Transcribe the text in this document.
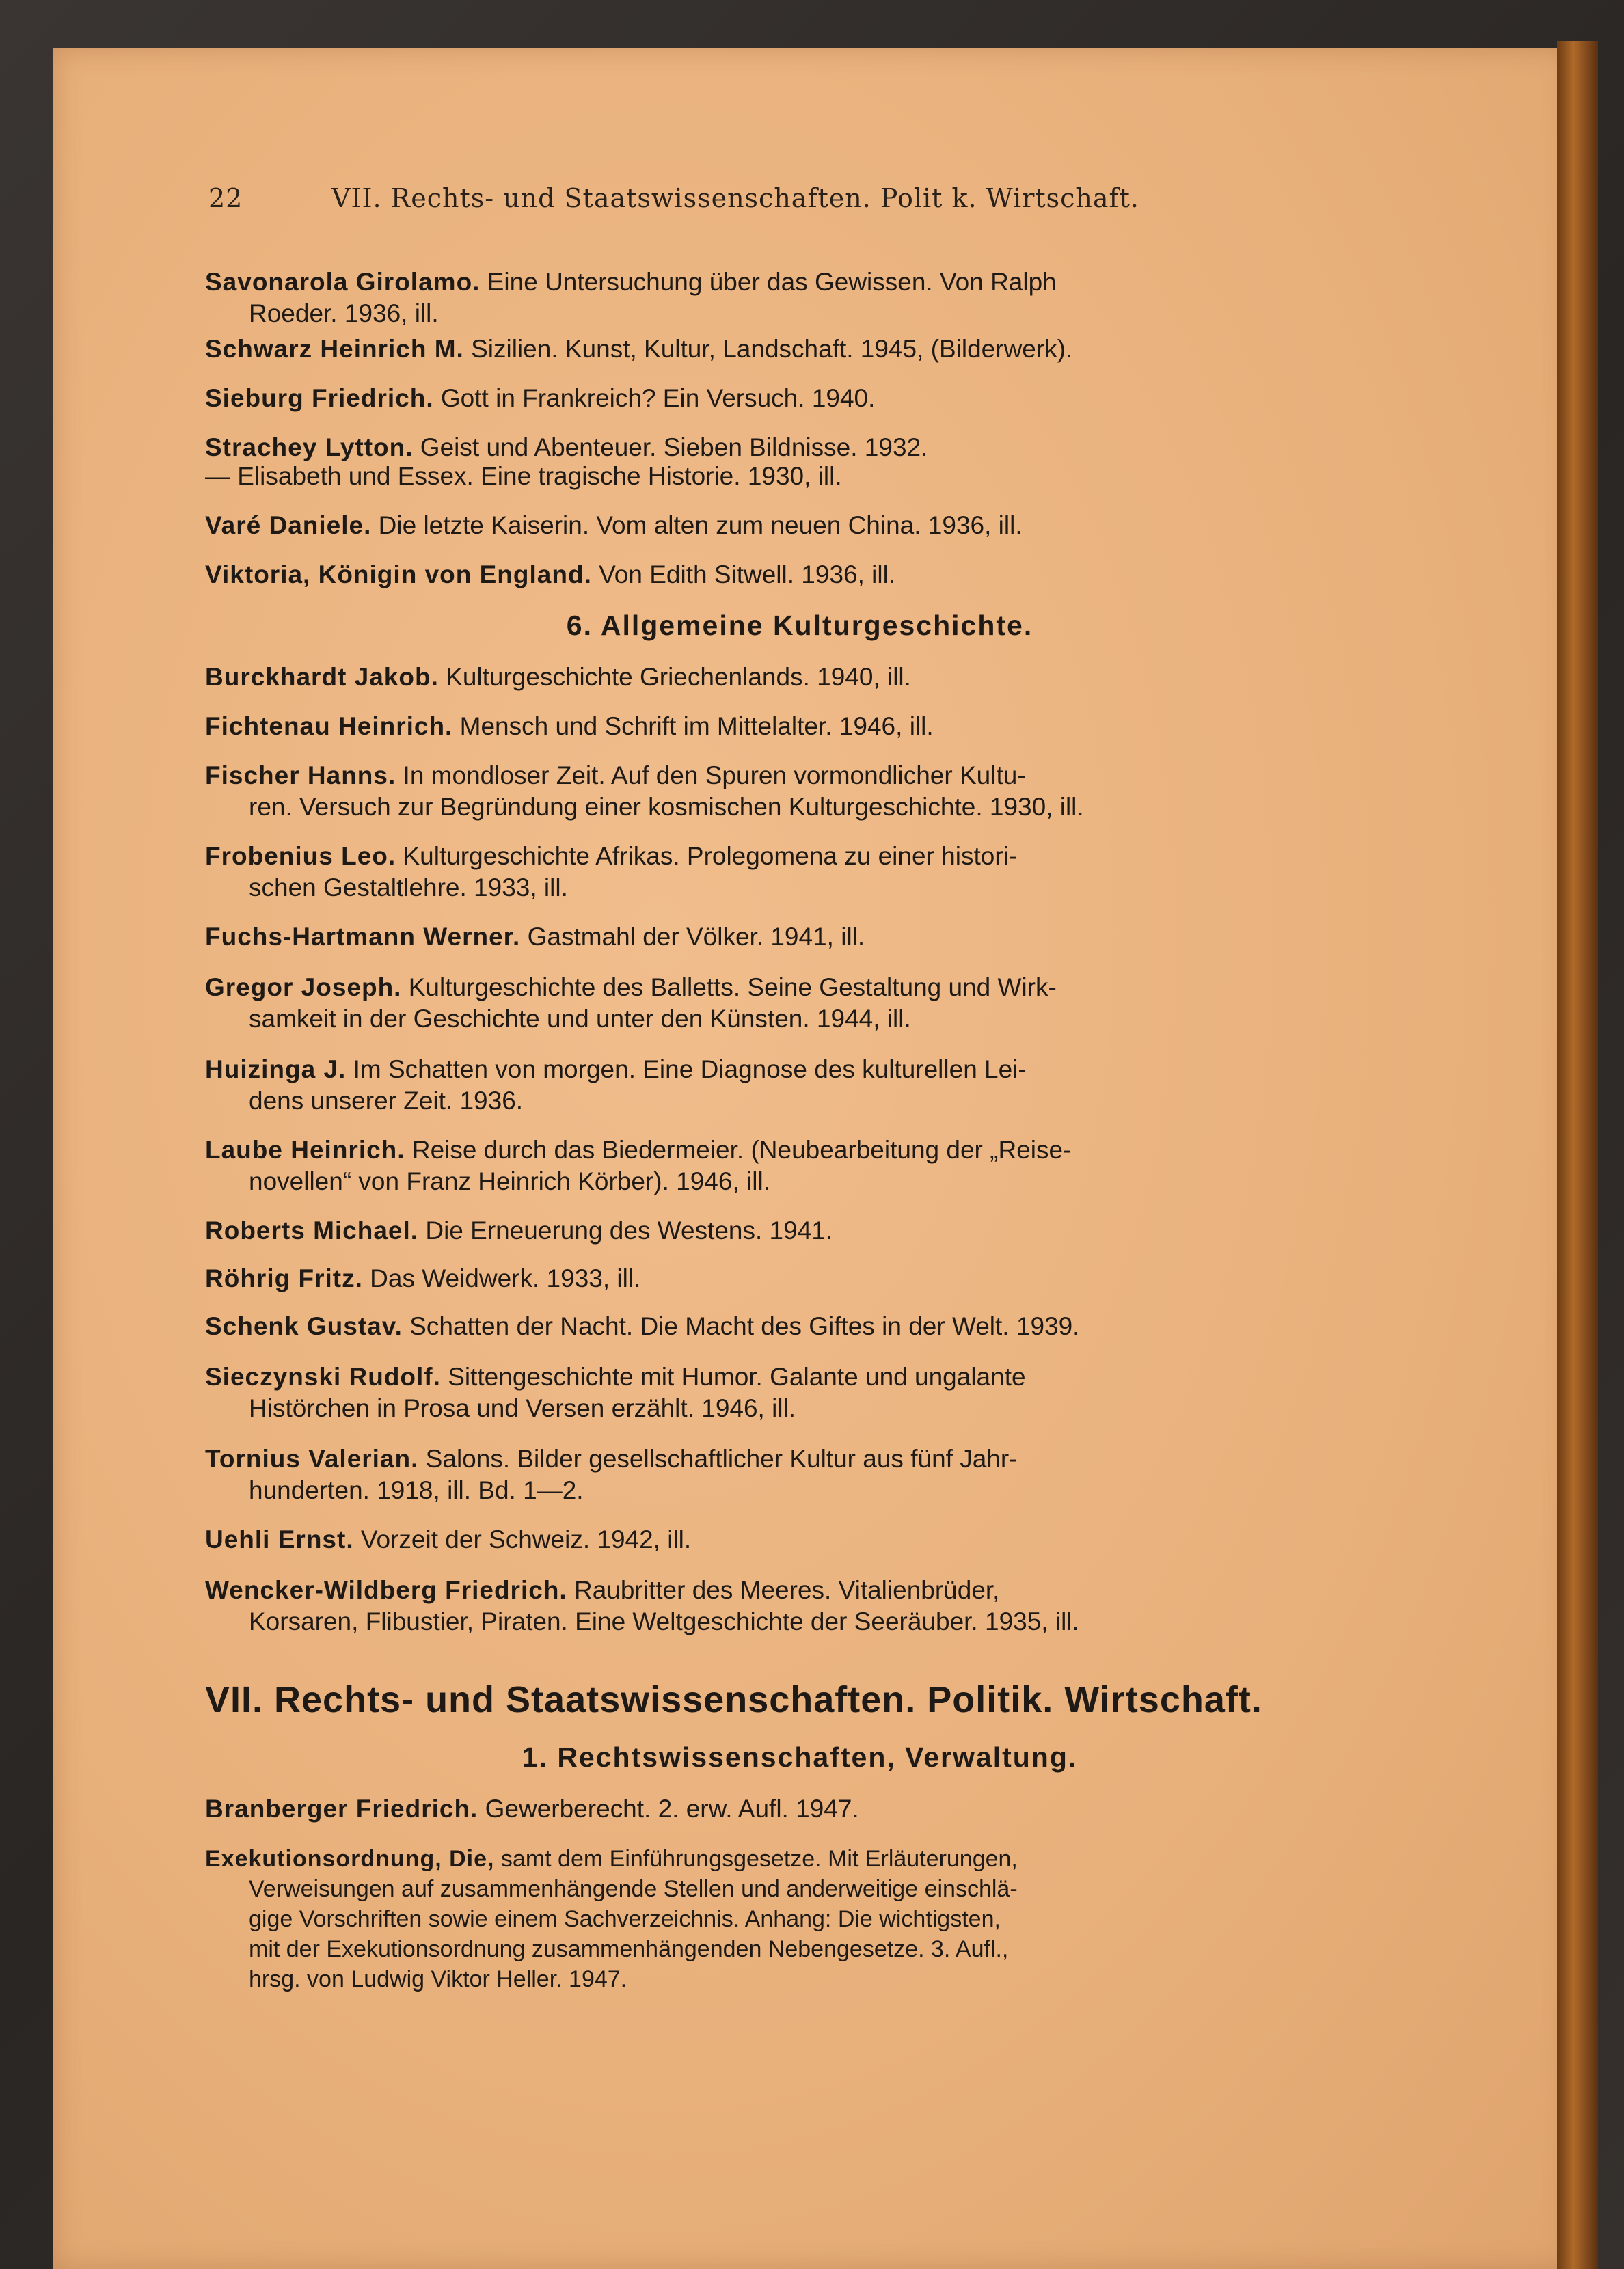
22	VII. Rechts- und Staatswissenschaften. Polit k. Wirtschaft.
Savonarola Girolamo. Eine Untersuchung über das Gewissen. Von Ralph
Roeder. 1936, ill.
Schwarz Heinrich M. Sizilien. Kunst, Kultur, Landschaft. 1945, (Bilderwerk).
Sieburg Friedrich. Gott in Frankreich? Ein Versuch. 1940.
Strachey Lytton. Geist und Abenteuer. Sieben Bildnisse. 1932.
— Elisabeth und Essex. Eine tragische Historie. 1930, ill.
Varé Daniele. Die letzte Kaiserin. Vom alten zum neuen China. 1936, ill.
Viktoria, Königin von England. Von Edith Sitwell. 1936, ill.
6. Allgemeine Kulturgeschichte.
Burckhardt Jakob. Kulturgeschichte Griechenlands. 1940, ill.
Fichtenau Heinrich. Mensch und Schrift im Mittelalter. 1946, ill.
Fischer Hanns. In mondloser Zeit. Auf den Spuren vormondlicher Kultu-
ren. Versuch zur Begründung einer kosmischen Kulturgeschichte. 1930, ill.
Frobenius Leo. Kulturgeschichte Afrikas. Prolegomena zu einer histori-
schen Gestaltlehre. 1933, ill.
Fuchs-Hartmann Werner. Gastmahl der Völker. 1941, ill.
Gregor Joseph. Kulturgeschichte des Balletts. Seine Gestaltung und Wirk-
samkeit in der Geschichte und unter den Künsten. 1944, ill.
Huizinga J. Im Schatten von morgen. Eine Diagnose des kulturellen Lei-
dens unserer Zeit. 1936.
Laube Heinrich. Reise durch das Biedermeier. (Neubearbeitung der „Reise-
novellen“ von Franz Heinrich Körber). 1946, ill.
Roberts Michael. Die Erneuerung des Westens. 1941.
Röhrig Fritz. Das Weidwerk. 1933, ill.
Schenk Gustav. Schatten der Nacht. Die Macht des Giftes in der Welt. 1939.
Sieczynski Rudolf. Sittengeschichte mit Humor. Galante und ungalante
Histörchen in Prosa und Versen erzählt. 1946, ill.
Tornius Valerian. Salons. Bilder gesellschaftlicher Kultur aus fünf Jahr-
hunderten. 1918, ill. Bd. 1—2.
Uehli Ernst. Vorzeit der Schweiz. 1942, ill.
Wencker-Wildberg Friedrich. Raubritter des Meeres. Vitalienbrüder,
Korsaren, Flibustier, Piraten. Eine Weltgeschichte der Seeräuber. 1935, ill.
VII. Rechts- und Staatswissenschaften. Politik. Wirtschaft.
1. Rechtswissenschaften, Verwaltung.
Branberger Friedrich. Gewerberecht. 2. erw. Aufl. 1947.
Exekutionsordnung, Die, samt dem Einführungsgesetze. Mit Erläuterungen,
Verweisungen auf zusammenhängende Stellen und anderweitige einschlä-
gige Vorschriften sowie einem Sachverzeichnis. Anhang: Die wichtigsten,
mit der Exekutionsordnung zusammenhängenden Nebengesetze. 3. Aufl.,
hrsg. von Ludwig Viktor Heller. 1947.
